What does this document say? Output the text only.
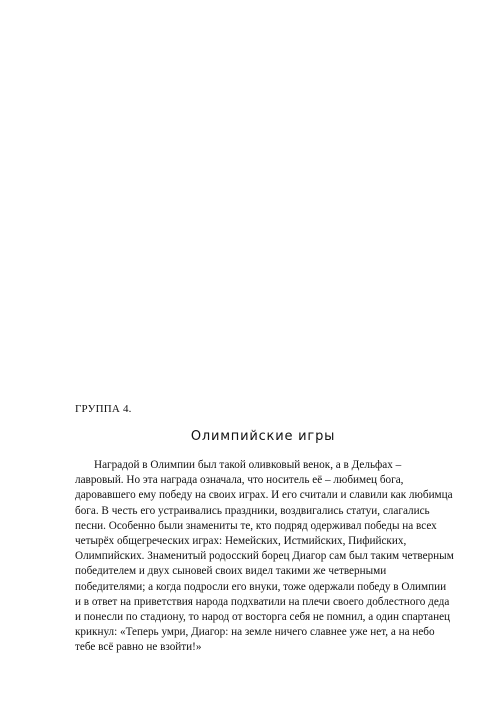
ГРУППА 4.

Олимпийские игры
Наградой в Олимпии был такой оливковый венок, а в Дельфах –
лавровый. Но эта награда означала, что носитель её – любимец бога,
даровавшего ему победу на своих играх. И его считали и славили как любимца
бога. В честь его устраивались праздники, воздвигались статуи, слагались
песни. Особенно были знамениты те, кто подряд одерживал победы на всех
четырёх общегреческих играх: Немейских, Истмийских, Пифийских,
Олимпийских. Знаменитый родосский борец Диагор сам был таким четверным
победителем и двух сыновей своих видел такими же четверными
победителями; а когда подросли его внуки, тоже одержали победу в Олимпии
и в ответ на приветствия народа подхватили на плечи своего доблестного деда
и понесли по стадиону, то народ от восторга себя не помнил, а один спартанец
крикнул: «Теперь умри, Диагор: на земле ничего славнее уже нет, а на небо
тебе всё равно не взойти!»
